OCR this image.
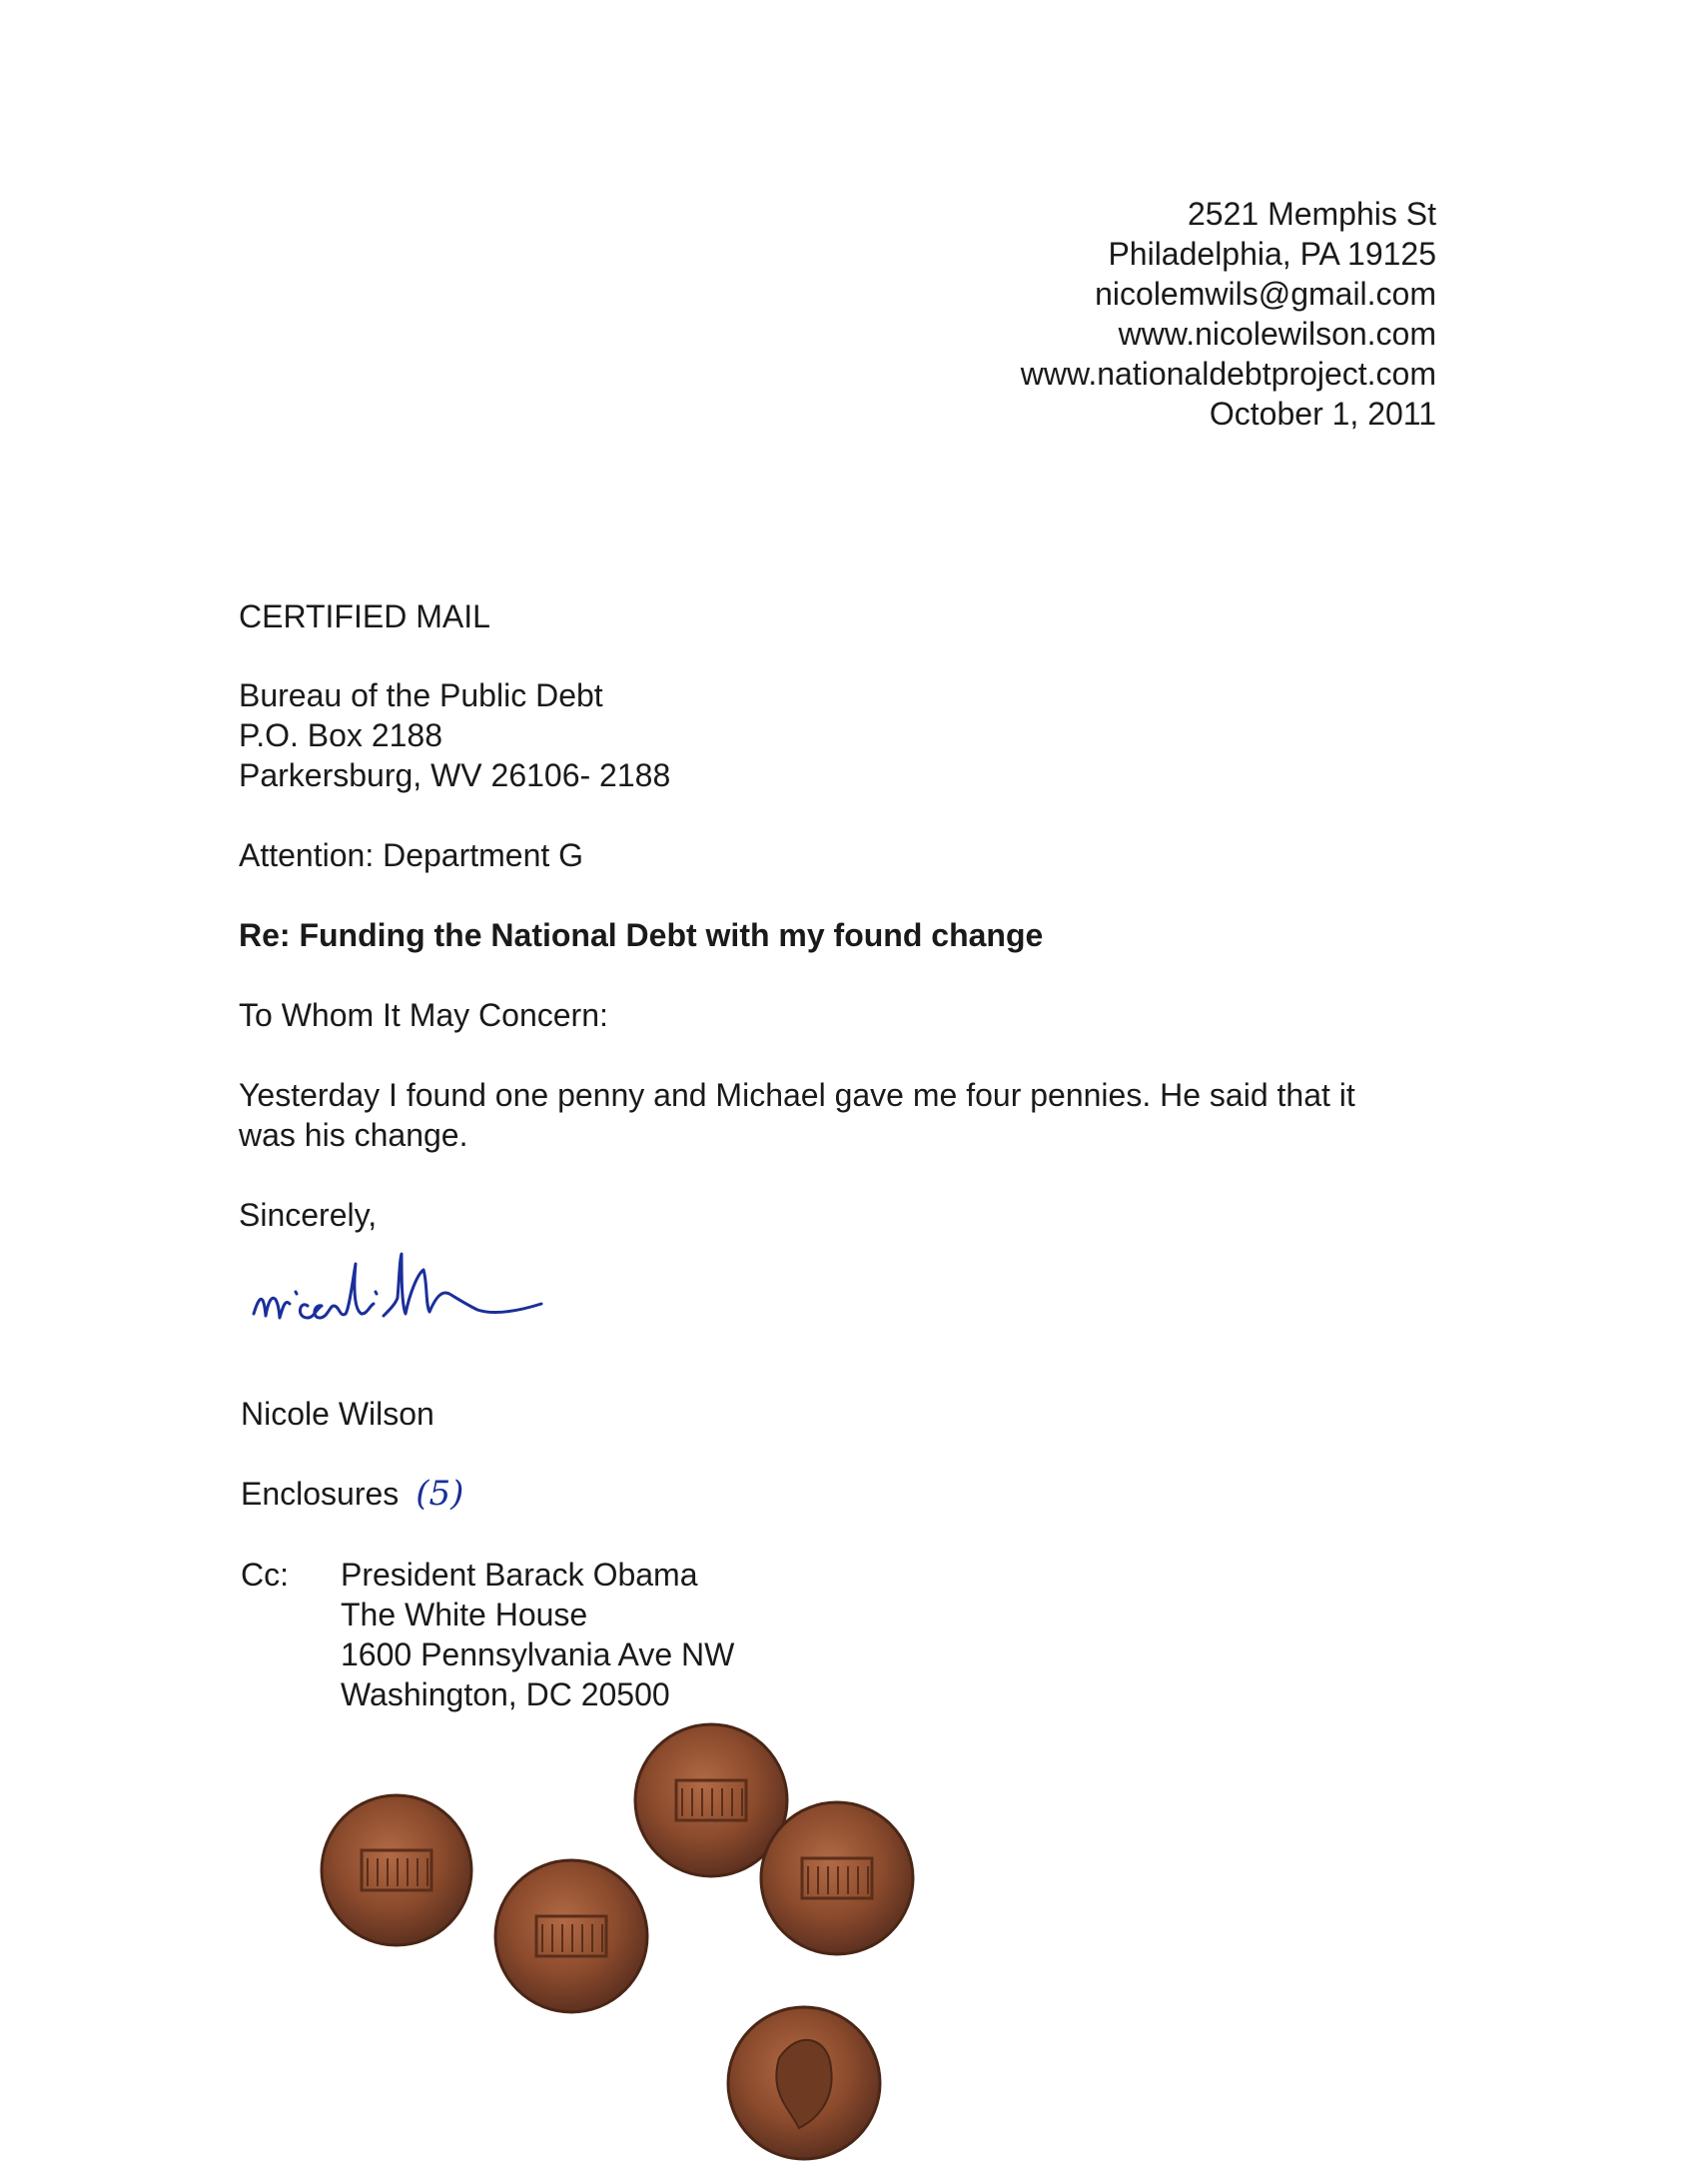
2521 Memphis St
Philadelphia, PA 19125
nicolemwils@gmail.com
www.nicolewilson.com
www.nationaldebtproject.com
October 1, 2011
CERTIFIED MAIL
Bureau of the Public Debt
P.O. Box 2188
Parkersburg, WV 26106- 2188
Attention: Department G
Re: Funding the National Debt with my found change
To Whom It May Concern:
Yesterday I found one penny and Michael gave me four pennies. He said that it
was his change.
Sincerely,
Nicole Wilson
Enclosures (5)
Cc: President Barack Obama
The White House
1600 Pennsylvania Ave NW
Washington, DC 20500
